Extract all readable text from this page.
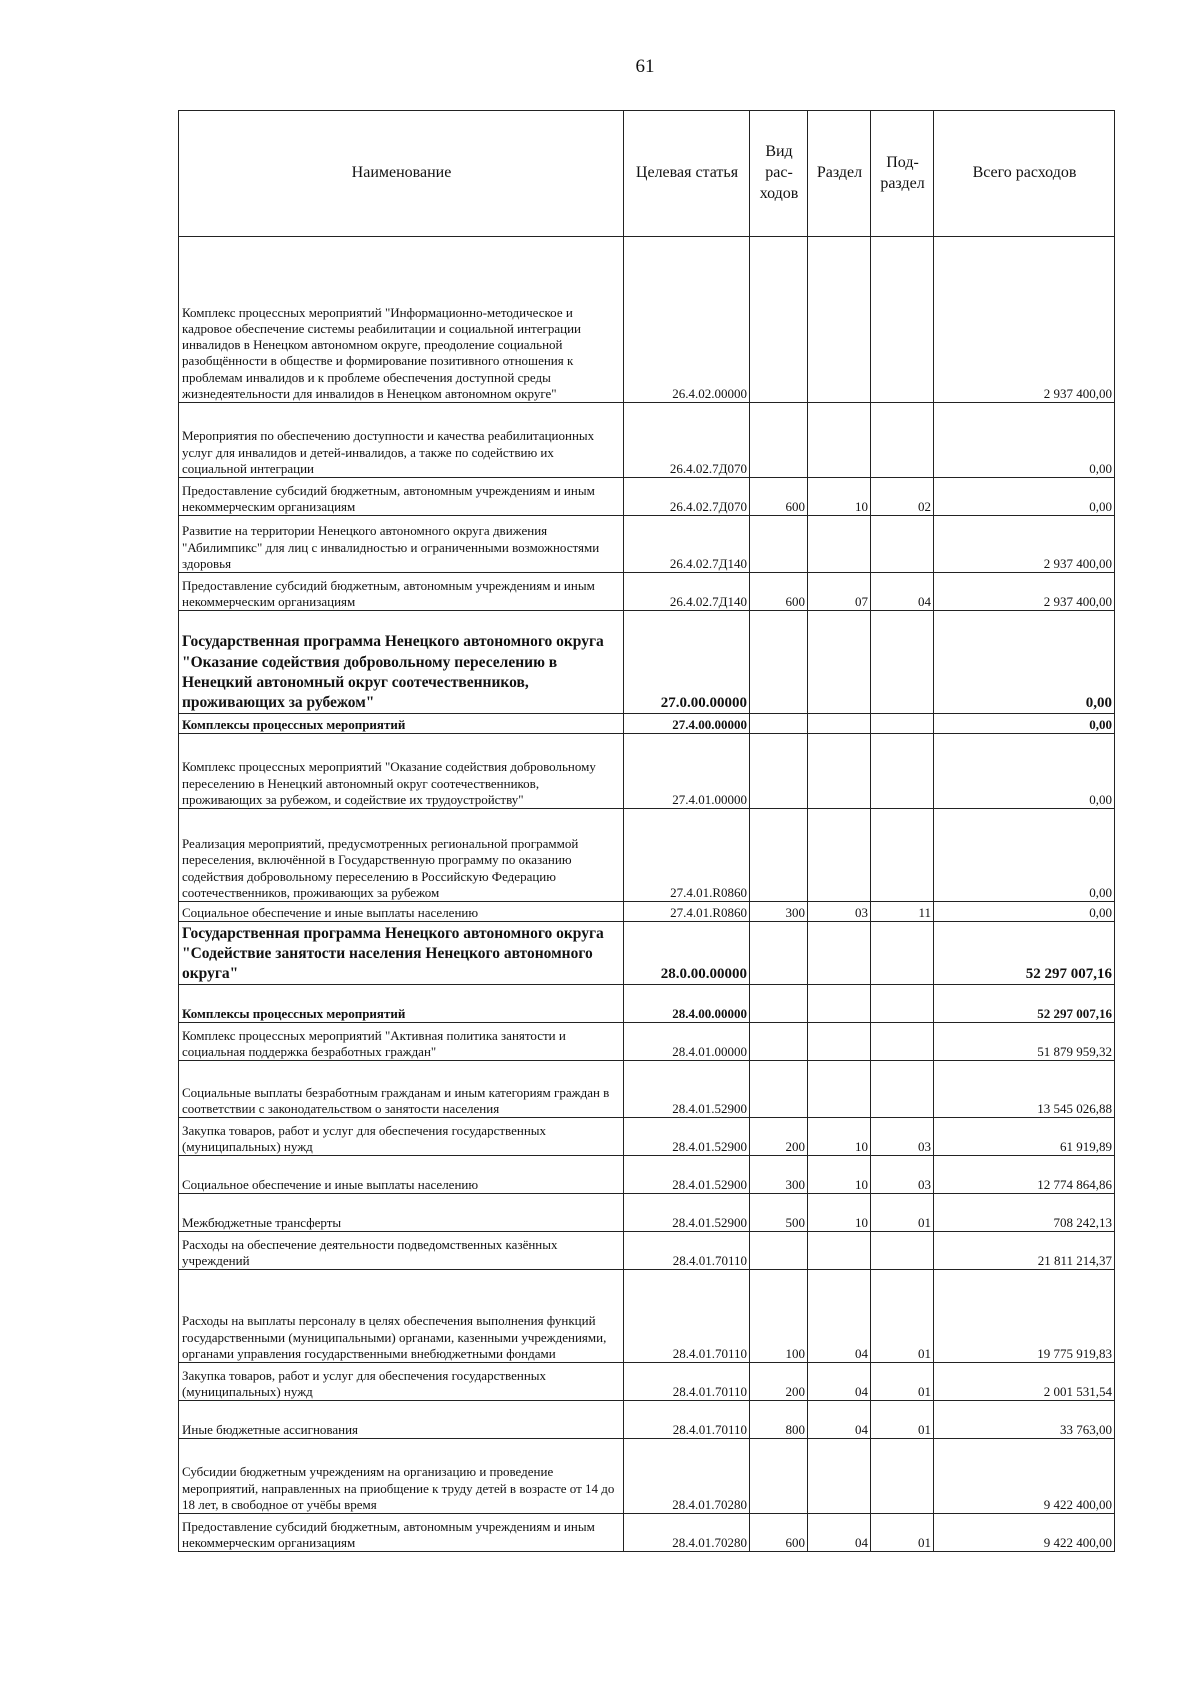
61
Наименование	Целевая статья	Вид
рас-
ходов	Раздел	Под-
раздел	Всего расходов
Комплекс процессных мероприятий "Информационно-методическое и кадровое обеспечение системы реабилитации и социальной интеграции инвалидов в Ненецком автономном округе, преодоление социальной разобщённости в обществе и формирование позитивного отношения к проблемам инвалидов и к проблеме обеспечения доступной среды жизнедеятельности для инвалидов в Ненецком автономном округе"	26.4.02.00000				2 937 400,00
Мероприятия по обеспечению доступности и качества реабилитационных услуг для инвалидов и детей-инвалидов, а также по содействию их социальной интеграции	26.4.02.7Д070				0,00
Предоставление субсидий бюджетным, автономным учреждениям и иным некоммерческим организациям	26.4.02.7Д070	600	10	02	0,00
Развитие на территории Ненецкого автономного округа движения "Абилимпикс" для лиц с инвалидностью и ограниченными возможностями здоровья	26.4.02.7Д140				2 937 400,00
Предоставление субсидий бюджетным, автономным учреждениям и иным некоммерческим организациям	26.4.02.7Д140	600	07	04	2 937 400,00
Государственная программа Ненецкого автономного округа "Оказание содействия добровольному переселению в Ненецкий автономный округ соотечественников, проживающих за рубежом"	27.0.00.00000				0,00
Комплексы процессных мероприятий	27.4.00.00000				0,00
Комплекс процессных мероприятий "Оказание содействия добровольному переселению в Ненецкий автономный округ соотечественников, проживающих за рубежом, и содействие их трудоустройству"	27.4.01.00000				0,00
Реализация мероприятий, предусмотренных региональной программой переселения, включённой в Государственную программу по оказанию содействия добровольному переселению в Российскую Федерацию соотечественников, проживающих за рубежом	27.4.01.R0860				0,00
Социальное обеспечение и иные выплаты населению	27.4.01.R0860	300	03	11	0,00
Государственная программа Ненецкого автономного округа "Содействие занятости населения Ненецкого автономного округа"	28.0.00.00000				52 297 007,16
Комплексы процессных мероприятий	28.4.00.00000				52 297 007,16
Комплекс процессных мероприятий "Активная политика занятости и социальная поддержка безработных граждан"	28.4.01.00000				51 879 959,32
Социальные выплаты безработным гражданам и иным категориям граждан в соответствии с законодательством о занятости населения	28.4.01.52900				13 545 026,88
Закупка товаров, работ и услуг для обеспечения государственных (муниципальных) нужд	28.4.01.52900	200	10	03	61 919,89
Социальное обеспечение и иные выплаты населению	28.4.01.52900	300	10	03	12 774 864,86
Межбюджетные трансферты	28.4.01.52900	500	10	01	708 242,13
Расходы на обеспечение деятельности подведомственных казённых учреждений	28.4.01.70110				21 811 214,37
Расходы на выплаты персоналу в целях обеспечения выполнения функций государственными (муниципальными) органами, казенными учреждениями, органами управления государственными внебюджетными фондами	28.4.01.70110	100	04	01	19 775 919,83
Закупка товаров, работ и услуг для обеспечения государственных (муниципальных) нужд	28.4.01.70110	200	04	01	2 001 531,54
Иные бюджетные ассигнования	28.4.01.70110	800	04	01	33 763,00
Субсидии бюджетным учреждениям на организацию и проведение мероприятий, направленных на приобщение к труду детей в возрасте от 14 до 18 лет, в свободное от учёбы время	28.4.01.70280				9 422 400,00
Предоставление субсидий бюджетным, автономным учреждениям и иным некоммерческим организациям	28.4.01.70280	600	04	01	9 422 400,00
